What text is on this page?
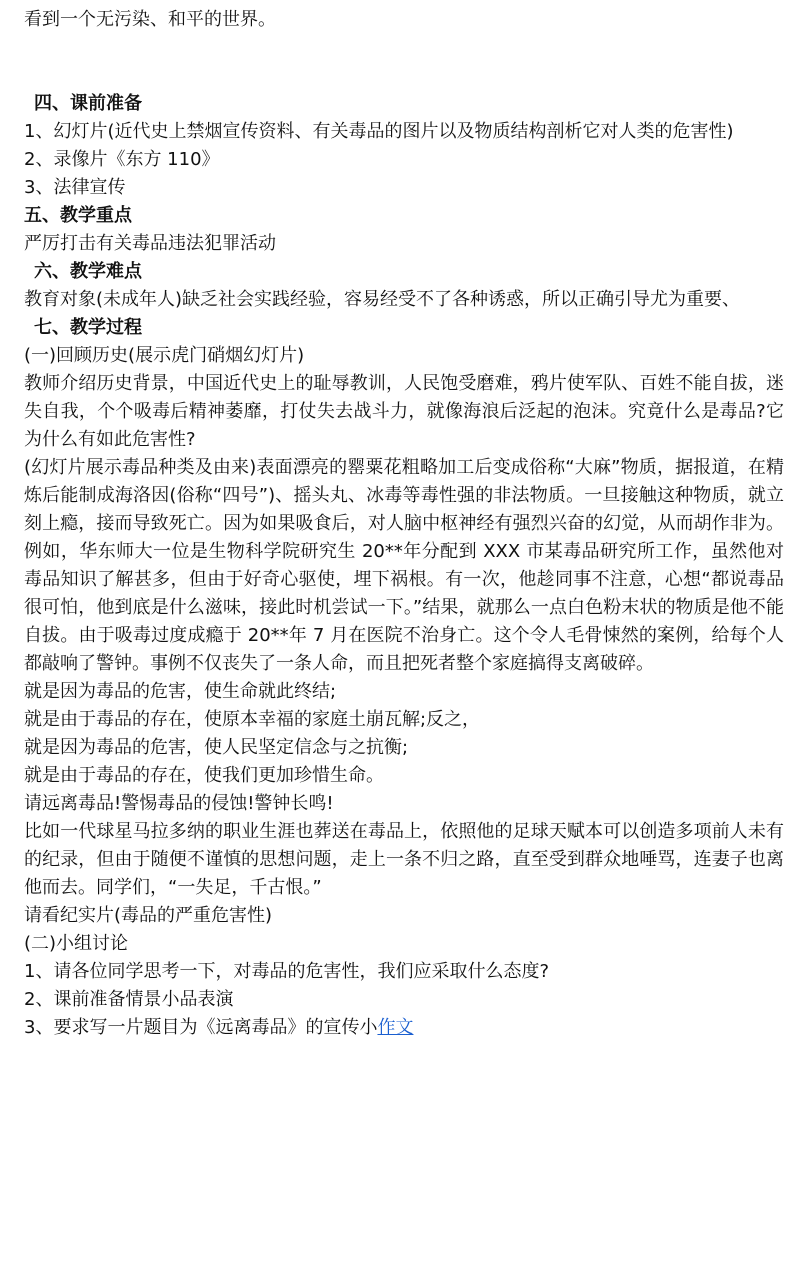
看到一个无污染、和平的世界。

四、课前准备

1、幻灯片(近代史上禁烟宣传资料、有关毒品的图片以及物质结构剖析它对人类的危害性)

2、录像片《东方 110》

3、法律宣传

五、教学重点

严厉打击有关毒品违法犯罪活动

六、教学难点

教育对象(未成年人)缺乏社会实践经验，容易经受不了各种诱惑，所以正确引导尤为重要、

七、教学过程

(一)回顾历史(展示虎门硝烟幻灯片)

教师介绍历史背景，中国近代史上的耻辱教训，人民饱受磨难，鸦片使军队、百姓不能自拔，迷失自我，个个吸毒后精神萎靡，打仗失去战斗力，就像海浪后泛起的泡沫。究竟什么是毒品?它为什么有如此危害性?

(幻灯片展示毒品种类及由来)表面漂亮的罂粟花粗略加工后变成俗称“大麻”物质，据报道，在精炼后能制成海洛因(俗称“四号”)、摇头丸、冰毒等毒性强的非法物质。一旦接触这种物质，就立刻上瘾，接而导致死亡。因为如果吸食后，对人脑中枢神经有强烈兴奋的幻觉，从而胡作非为。例如，华东师大一位是生物科学院研究生 20**年分配到 XXX 市某毒品研究所工作，虽然他对毒品知识了解甚多，但由于好奇心驱使，埋下祸根。有一次，他趁同事不注意，心想“都说毒品很可怕，他到底是什么滋味，接此时机尝试一下。”结果，就那么一点白色粉末状的物质是他不能自拔。由于吸毒过度成瘾于 20**年 7 月在医院不治身亡。这个令人毛骨悚然的案例，给每个人都敲响了警钟。事例不仅丧失了一条人命，而且把死者整个家庭搞得支离破碎。

就是因为毒品的危害，使生命就此终结;

就是由于毒品的存在，使原本幸福的家庭土崩瓦解;反之，

就是因为毒品的危害，使人民坚定信念与之抗衡;

就是由于毒品的存在，使我们更加珍惜生命。

请远离毒品!警惕毒品的侵蚀!警钟长鸣!

比如一代球星马拉多纳的职业生涯也葬送在毒品上，依照他的足球天赋本可以创造多项前人未有的纪录，但由于随便不谨慎的思想问题，走上一条不归之路，直至受到群众地唾骂，连妻子也离他而去。同学们，“一失足，千古恨。”

请看纪实片(毒品的严重危害性)

(二)小组讨论

1、请各位同学思考一下，对毒品的危害性，我们应采取什么态度?

2、课前准备情景小品表演

3、要求写一片题目为《远离毒品》的宣传小作文
